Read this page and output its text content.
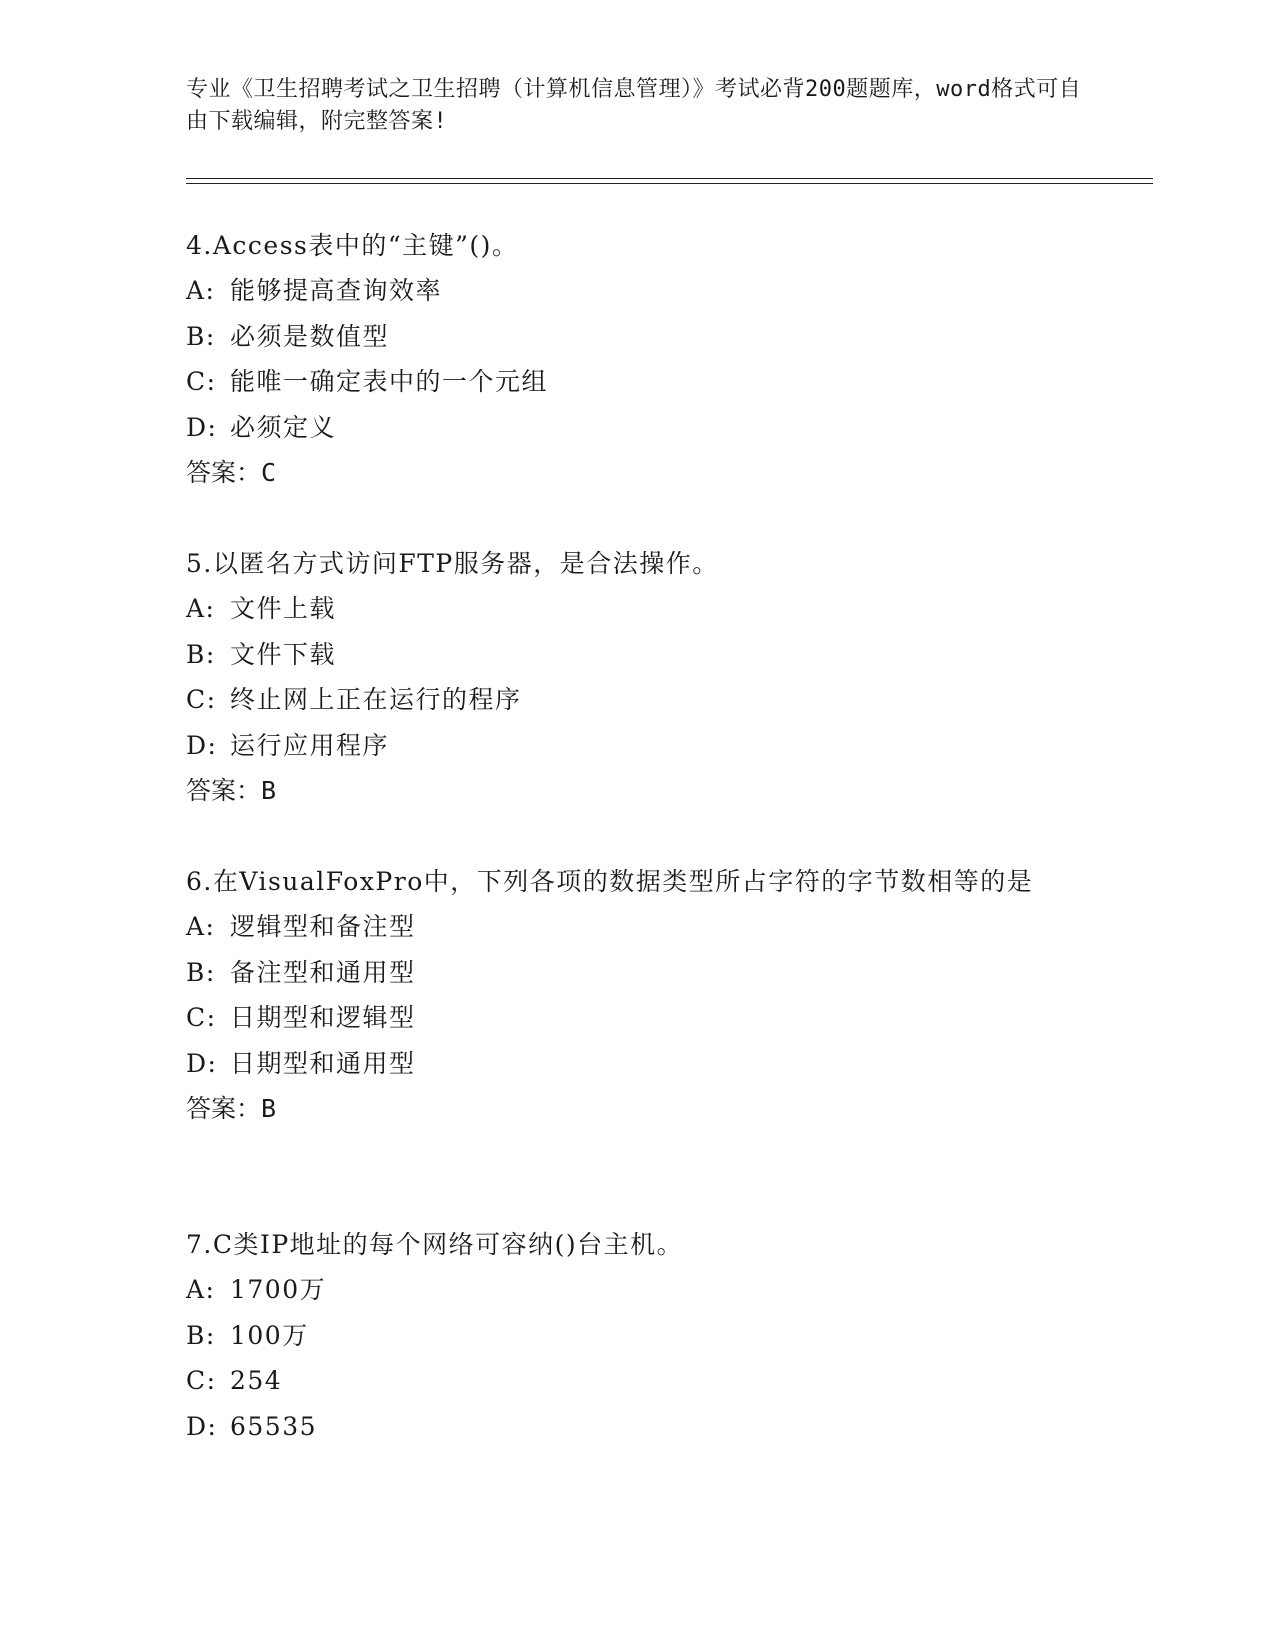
专业《卫生招聘考试之卫生招聘（计算机信息管理）》考试必背200题题库，word格式可自由下载编辑，附完整答案!

4.Access表中的“主键”()。

A: 能够提高查询效率
B: 必须是数值型
C: 能唯一确定表中的一个元组
D: 必须定义
答案：C

5.以匿名方式访问FTP服务器，是合法操作。

A: 文件上载
B: 文件下载
C: 终止网上正在运行的程序
D: 运行应用程序
答案：B

6.在VisualFoxPro中，下列各项的数据类型所占字符的字节数相等的是

A: 逻辑型和备注型
B: 备注型和通用型
C: 日期型和逻辑型
D: 日期型和通用型
答案：B

7.C类IP地址的每个网络可容纳()台主机。

A: 1700万
B: 100万
C: 254
D: 65535
